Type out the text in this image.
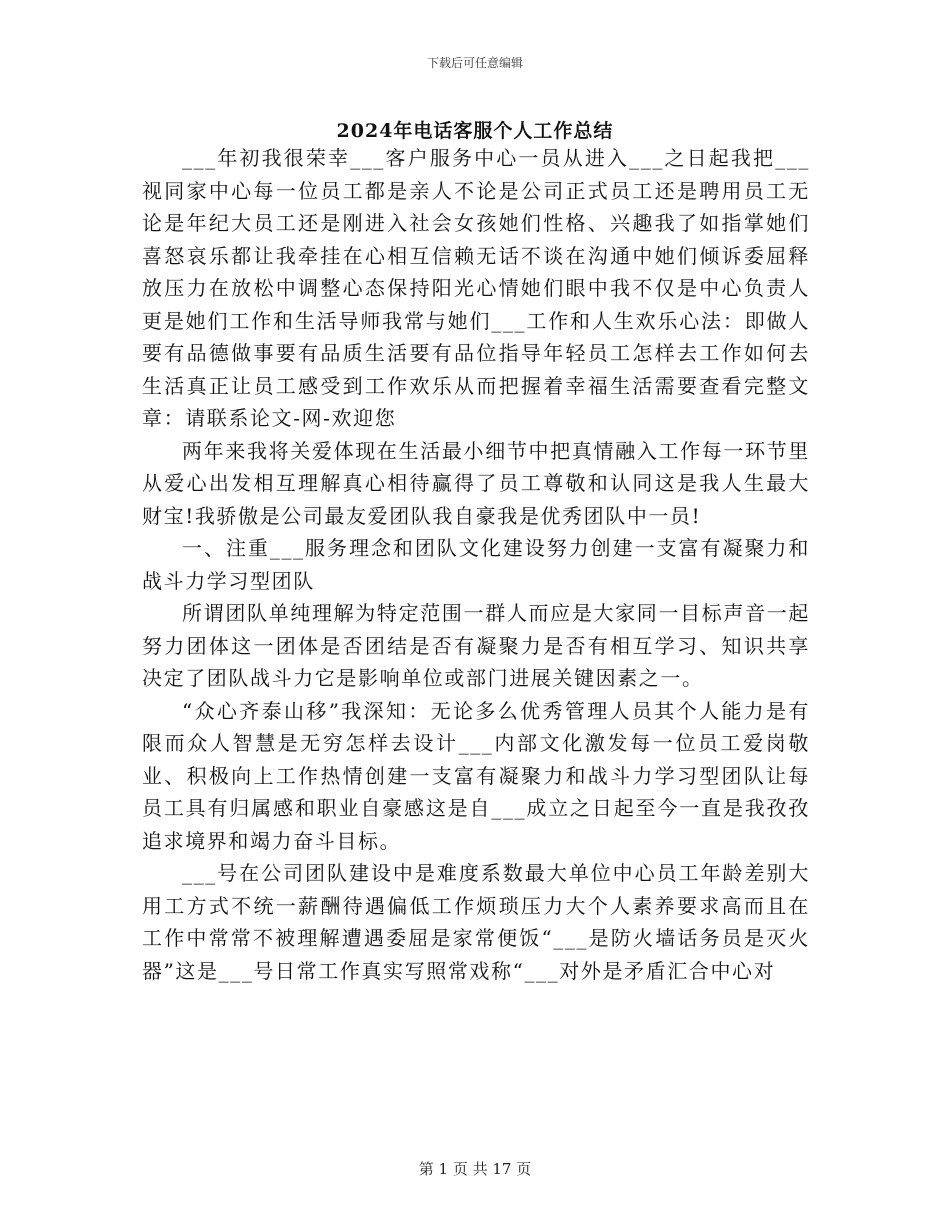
下载后可任意编辑
2024年电话客服个人工作总结

___年初我很荣幸___客户服务中心一员从进入___之日起我把___视同家中心每一位员工都是亲人不论是公司正式员工还是聘用员工无论是年纪大员工还是刚进入社会女孩她们性格、兴趣我了如指掌她们喜怒哀乐都让我牵挂在心相互信赖无话不谈在沟通中她们倾诉委屈释放压力在放松中调整心态保持阳光心情她们眼中我不仅是中心负责人更是她们工作和生活导师我常与她们___工作和人生欢乐心法：即做人要有品德做事要有品质生活要有品位指导年轻员工怎样去工作如何去生活真正让员工感受到工作欢乐从而把握着幸福生活需要查看完整文章：请联系论文-网-欢迎您

两年来我将关爱体现在生活最小细节中把真情融入工作每一环节里从爱心出发相互理解真心相待赢得了员工尊敬和认同这是我人生最大财宝!我骄傲是公司最友爱团队我自豪我是优秀团队中一员!

一、注重___服务理念和团队文化建设努力创建一支富有凝聚力和战斗力学习型团队

所谓团队单纯理解为特定范围一群人而应是大家同一目标声音一起努力团体这一团体是否团结是否有凝聚力是否有相互学习、知识共享决定了团队战斗力它是影响单位或部门进展关键因素之一。

“众心齐泰山移”我深知：无论多么优秀管理人员其个人能力是有限而众人智慧是无穷怎样去设计___内部文化激发每一位员工爱岗敬业、积极向上工作热情创建一支富有凝聚力和战斗力学习型团队让每员工具有归属感和职业自豪感这是自___成立之日起至今一直是我孜孜追求境界和竭力奋斗目标。

___号在公司团队建设中是难度系数最大单位中心员工年龄差别大用工方式不统一薪酬待遇偏低工作烦琐压力大个人素养要求高而且在工作中常常不被理解遭遇委屈是家常便饭“___是防火墙话务员是灭火器”这是___号日常工作真实写照常戏称“___对外是矛盾汇合中心对

第 1 页 共 17 页
